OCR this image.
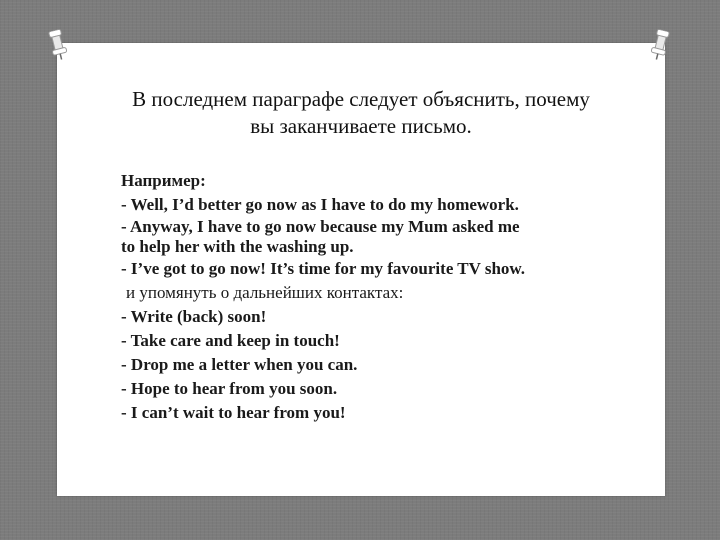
В последнем параграфе следует объяснить, почему
вы заканчиваете письмо.
Например:
- Well, I’d better go now as I have to do my homework.
- Anyway, I have to go now because my Mum asked me
to help her with the washing up.
- I’ve got to go now! It’s time for my favourite TV show.
и упомянуть о дальнейших контактах:
- Write (back) soon!
- Take care and keep in touch!
- Drop me a letter when you can.
- Hope to hear from you soon.
- I can’t wait to hear from you!
